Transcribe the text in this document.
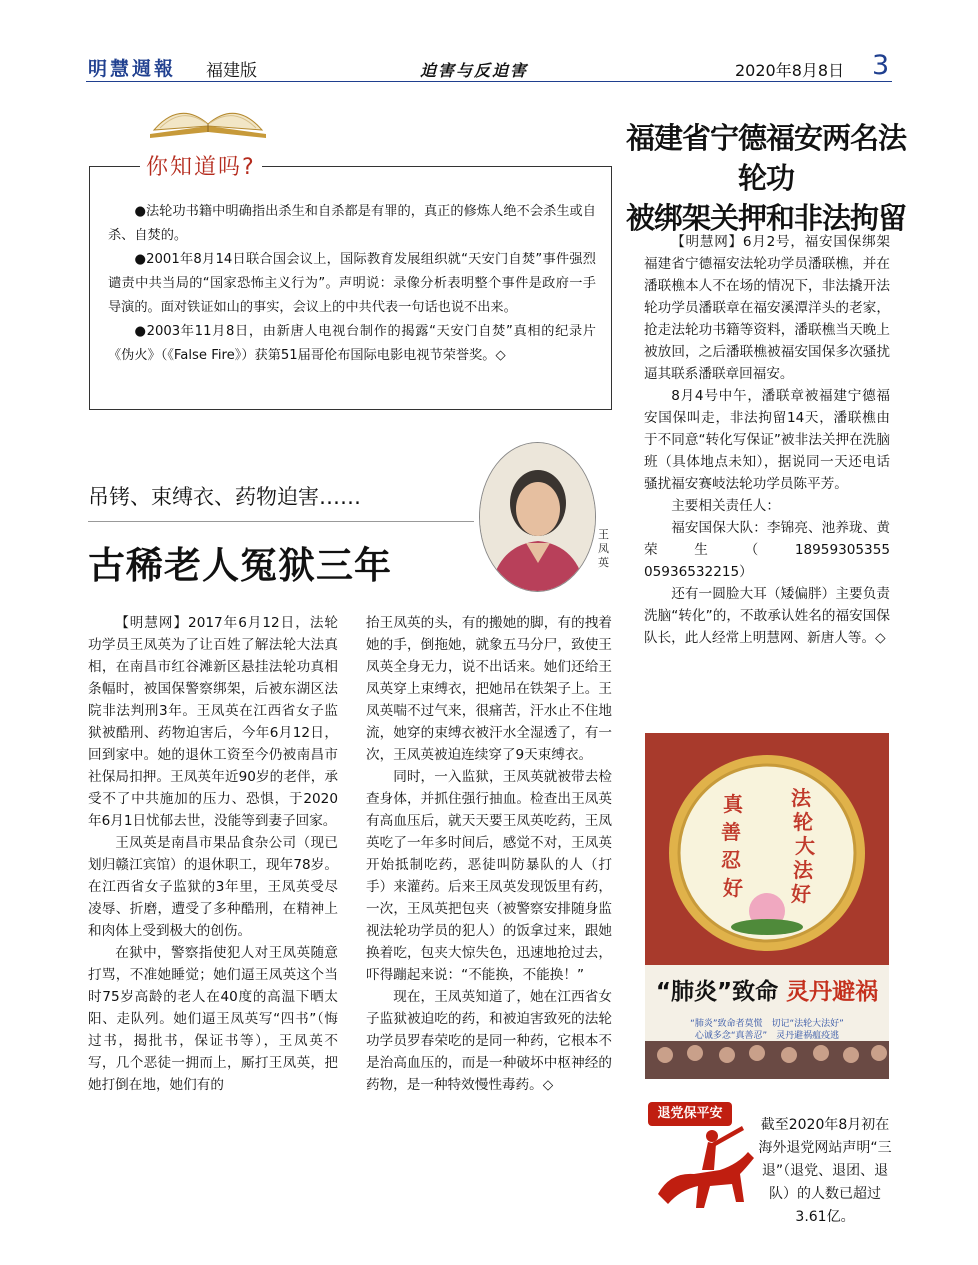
明慧週報 福建版	迫害与反迫害	2020年8月8日 3
你知道吗?

●法轮功书籍中明确指出杀生和自杀都是有罪的，真正的修炼人绝不会杀生或自杀、自焚的。

●2001年8月14日联合国会议上，国际教育发展组织就“天安门自焚”事件强烈谴责中共当局的“国家恐怖主义行为”。声明说：录像分析表明整个事件是政府一手导演的。面对铁证如山的事实，会议上的中共代表一句话也说不出来。

●2003年11月8日，由新唐人电视台制作的揭露“天安门自焚”真相的纪录片《伪火》（《False Fire》）获第51届哥伦布国际电影电视节荣誉奖。◇

吊铐、束缚衣、药物迫害……
古稀老人冤狱三年
王凤英

【明慧网】2017年6月12日，法轮功学员王凤英为了让百姓了解法轮大法真相，在南昌市红谷滩新区悬挂法轮功真相条幅时，被国保警察绑架，后被东湖区法院非法判刑3年。王凤英在江西省女子监狱被酷刑、药物迫害后，今年6月12日，回到家中。她的退休工资至今仍被南昌市社保局扣押。王凤英年近90岁的老伴，承受不了中共施加的压力、恐惧，于2020年6月1日忧郁去世，没能等到妻子回家。

王凤英是南昌市果品食杂公司（现已划归赣江宾馆）的退休职工，现年78岁。在江西省女子监狱的3年里，王凤英受尽凌辱、折磨，遭受了多种酷刑，在精神上和肉体上受到极大的创伤。

在狱中，警察指使犯人对王凤英随意打骂，不准她睡觉；她们逼王凤英这个当时75岁高龄的老人在40度的高温下晒太阳、走队列。她们逼王凤英写“四书”（悔过书，揭批书，保证书等），王凤英不写，几个恶徒一拥而上，厮打王凤英，把她打倒在地，她们有的

抬王凤英的头，有的搬她的脚，有的拽着她的手，倒拖她，就象五马分尸，致使王凤英全身无力，说不出话来。她们还给王凤英穿上束缚衣，把她吊在铁架子上。王凤英喘不过气来，很痛苦，汗水止不住地流，她穿的束缚衣被汗水全湿透了，有一次，王凤英被迫连续穿了9天束缚衣。

同时，一入监狱，王凤英就被带去检查身体，并抓住强行抽血。检查出王凤英有高血压后，就天天要王凤英吃药，王凤英吃了一年多时间后，感觉不对，王凤英开始抵制吃药，恶徒叫防暴队的人（打手）来灌药。后来王凤英发现饭里有药，一次，王凤英把包夹（被警察安排随身监视法轮功学员的犯人）的饭拿过来，跟她换着吃，包夹大惊失色，迅速地抢过去，吓得蹦起来说：“不能换，不能换！”

现在，王凤英知道了，她在江西省女子监狱被迫吃的药，和被迫害致死的法轮功学员罗春荣吃的是同一种药，它根本不是治高血压的，而是一种破坏中枢神经的药物，是一种特效慢性毒药。◇

福建省宁德福安两名法轮功
被绑架关押和非法拘留

【明慧网】6月2号，福安国保绑架福建省宁德福安法轮功学员潘联樵，并在潘联樵本人不在场的情况下，非法撬开法轮功学员潘联章在福安溪潭洋头的老家，抢走法轮功书籍等资料，潘联樵当天晚上被放回，之后潘联樵被福安国保多次骚扰逼其联系潘联章回福安。

8月4号中午，潘联章被福建宁德福安国保叫走，非法拘留14天，潘联樵由于不同意“转化写保证”被非法关押在洗脑班（具体地点未知），据说同一天还电话骚扰福安赛岐法轮功学员陈平芳。

主要相关责任人：

福安国保大队：李锦亮、池养珑、黄荣生（18959305355　05936532215）

还有一圆脸大耳（矮偏胖）主要负责洗脑“转化”的，不敢承认姓名的福安国保队长，此人经常上明慧网、新唐人等。◇

真
善
忍
好
法
轮
大
法
好
“肺炎”致命 灵丹避祸
“肺炎”致命者莫慌　切记“法轮大法好”
心诚多念“真善忍”　灵丹避祸瘟疫逃
退党保平安
截至2020年8月初在海外退党网站声明“三退”（退党、退团、退队）的人数已超过3.61亿。
